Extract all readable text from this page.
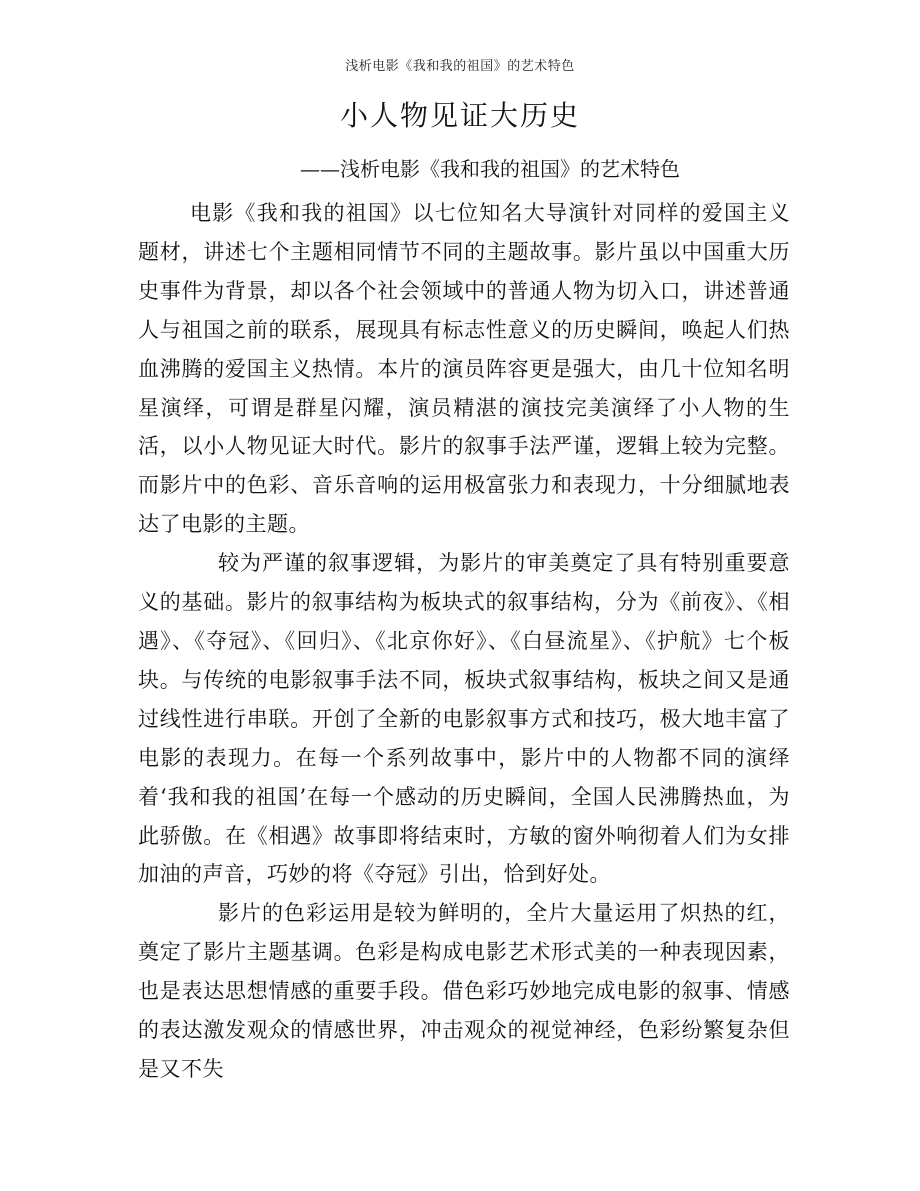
浅析电影《我和我的祖国》的艺术特色
小人物见证大历史
——浅析电影《我和我的祖国》的艺术特色

电影《我和我的祖国》以七位知名大导演针对同样的爱国主义题材，讲述七个主题相同情节不同的主题故事。影片虽以中国重大历史事件为背景，却以各个社会领域中的普通人物为切入口，讲述普通人与祖国之前的联系，展现具有标志性意义的历史瞬间，唤起人们热血沸腾的爱国主义热情。本片的演员阵容更是强大，由几十位知名明星演绎，可谓是群星闪耀，演员精湛的演技完美演绎了小人物的生活，以小人物见证大时代。影片的叙事手法严谨，逻辑上较为完整。而影片中的色彩、音乐音响的运用极富张力和表现力，十分细腻地表达了电影的主题。

较为严谨的叙事逻辑，为影片的审美奠定了具有特别重要意义的基础。影片的叙事结构为板块式的叙事结构，分为《前夜》、《相遇》、《夺冠》、《回归》、《北京你好》、《白昼流星》、《护航》七个板块。与传统的电影叙事手法不同，板块式叙事结构，板块之间又是通过线性进行串联。开创了全新的电影叙事方式和技巧，极大地丰富了电影的表现力。在每一个系列故事中，影片中的人物都不同的演绎着‘我和我的祖国’在每一个感动的历史瞬间，全国人民沸腾热血，为此骄傲。在《相遇》故事即将结束时，方敏的窗外响彻着人们为女排加油的声音，巧妙的将《夺冠》引出，恰到好处。

影片的色彩运用是较为鲜明的，全片大量运用了炽热的红，奠定了影片主题基调。色彩是构成电影艺术形式美的一种表现因素，也是表达思想情感的重要手段。借色彩巧妙地完成电影的叙事、情感的表达激发观众的情感世界，冲击观众的视觉神经，色彩纷繁复杂但是又不失
